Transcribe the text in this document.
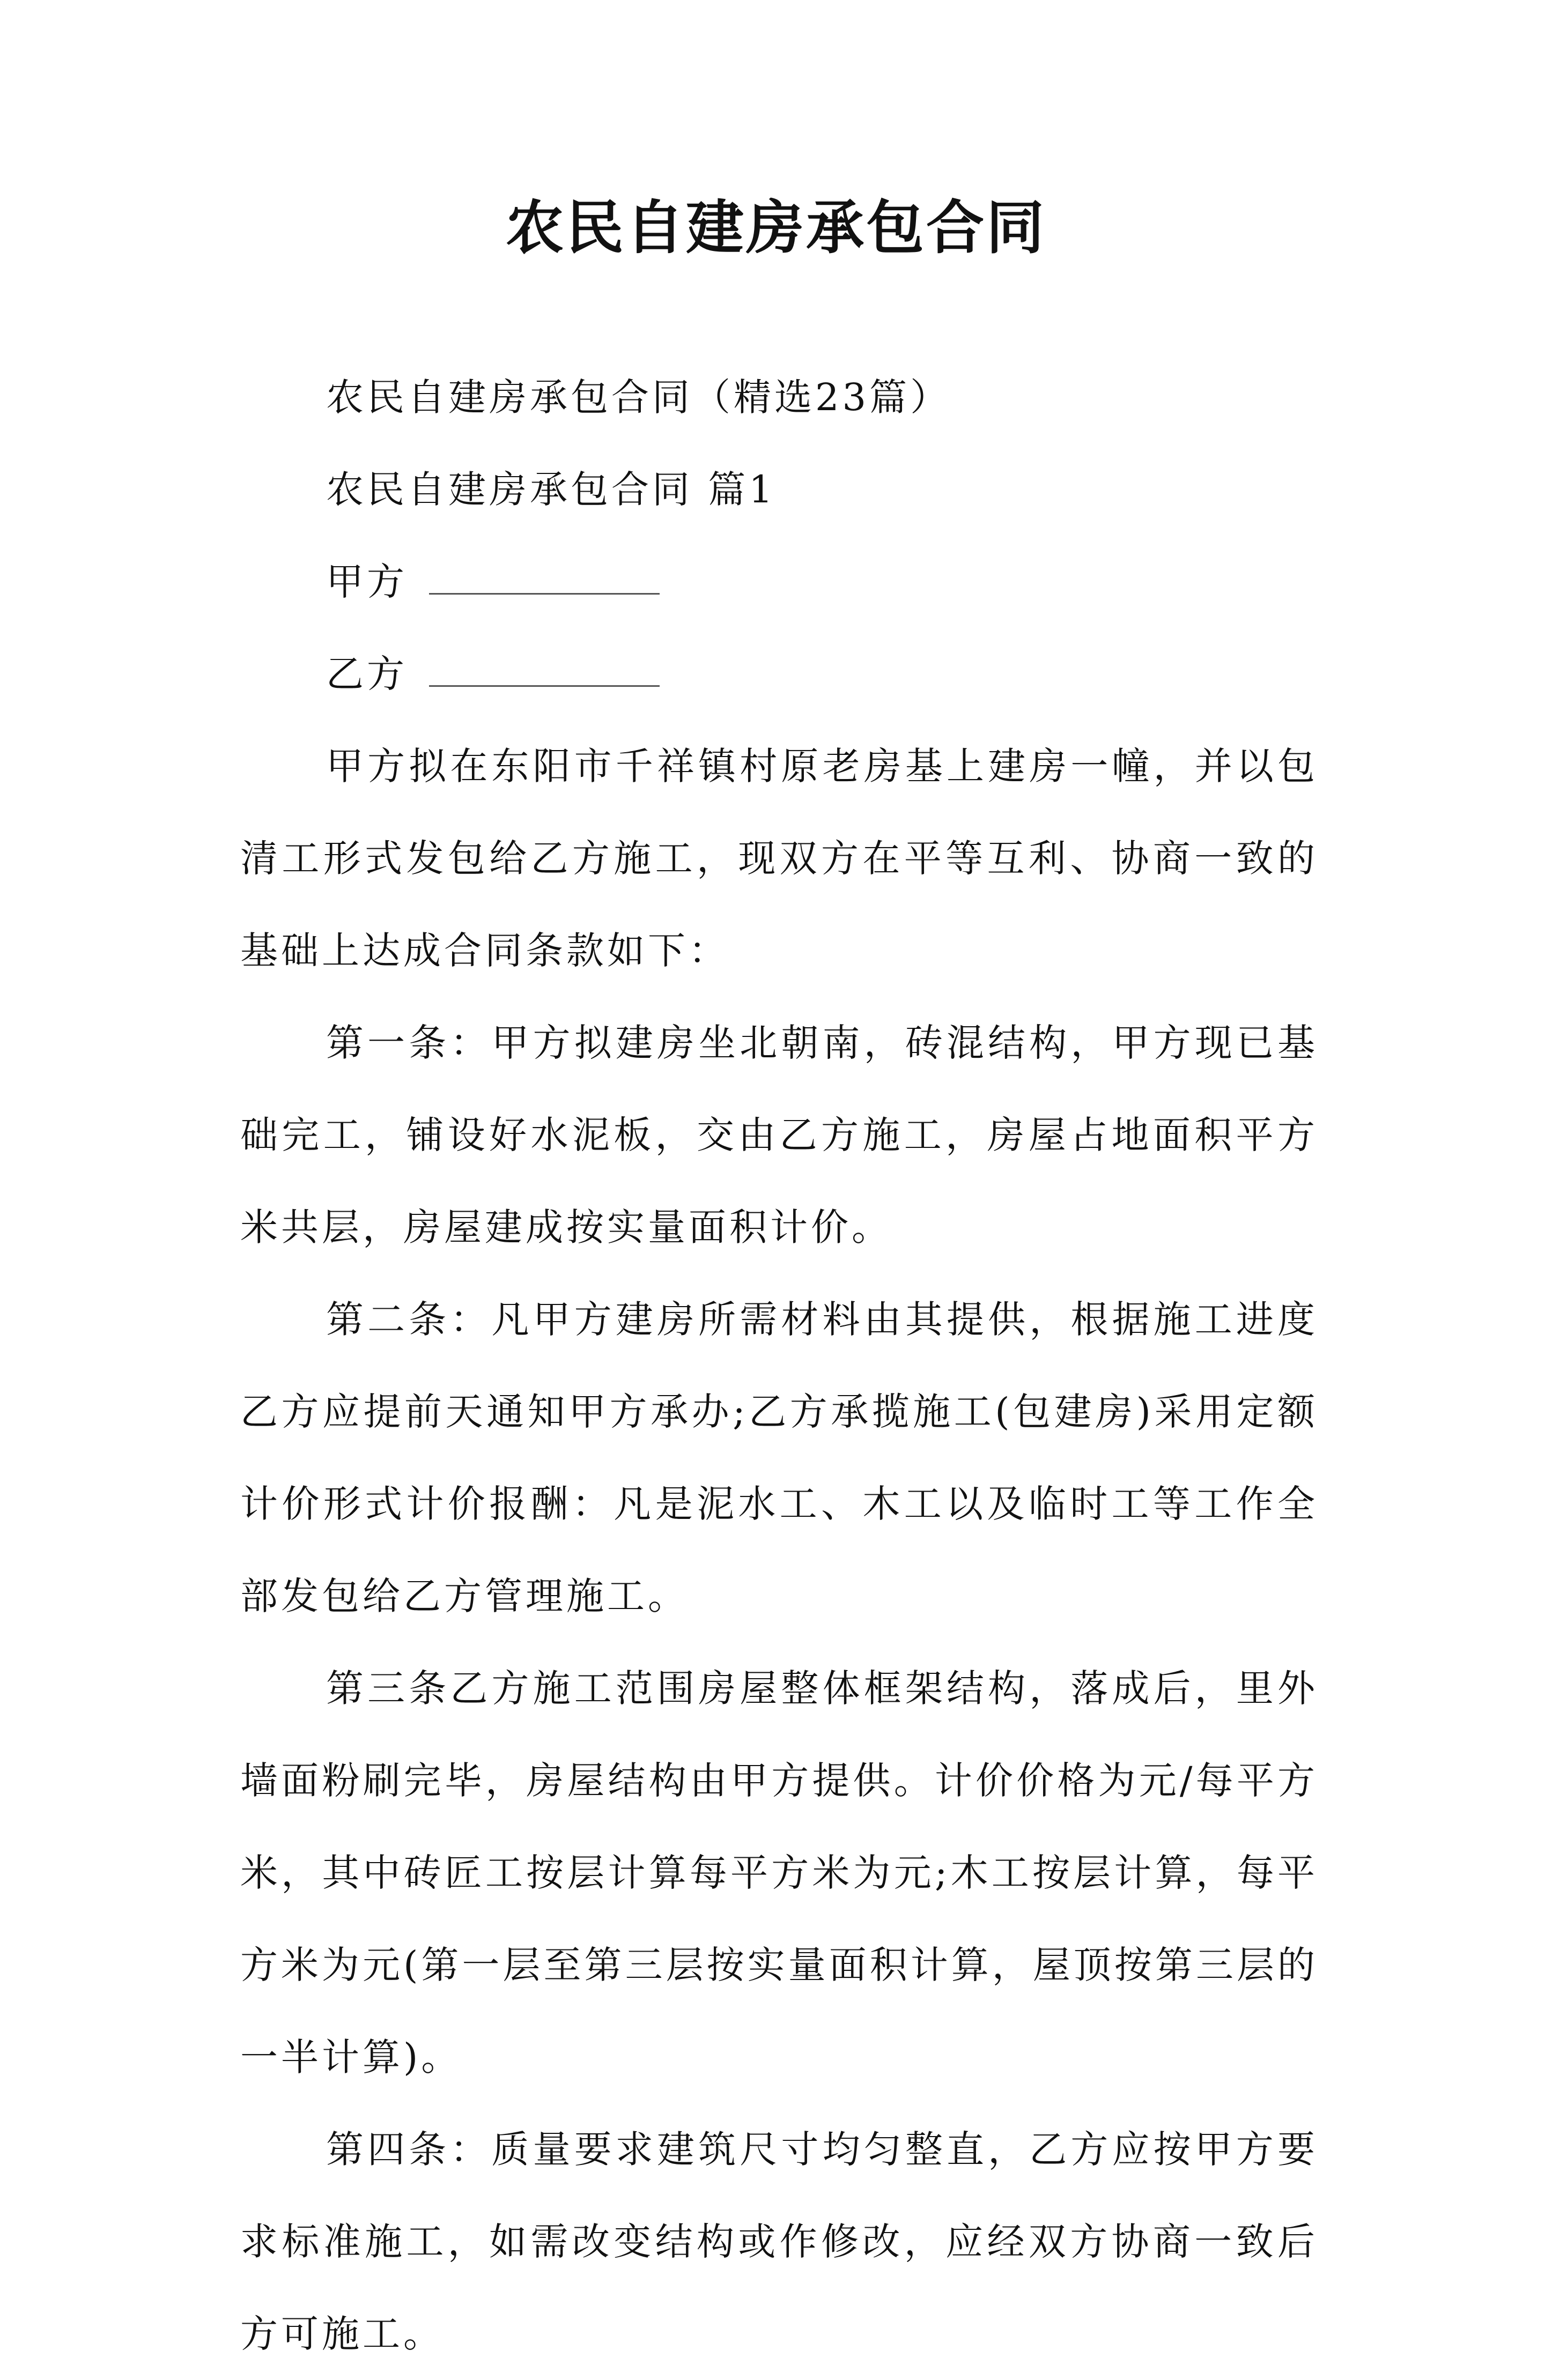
农民自建房承包合同

农民自建房承包合同（精选23篇）

农民自建房承包合同 篇1

甲方

乙方

甲方拟在东阳市千祥镇村原老房基上建房一幢，并以包清工形式发包给乙方施工，现双方在平等互利、协商一致的基础上达成合同条款如下：

第一条：甲方拟建房坐北朝南，砖混结构，甲方现已基础完工，铺设好水泥板，交由乙方施工，房屋占地面积平方米共层，房屋建成按实量面积计价。

第二条：凡甲方建房所需材料由其提供，根据施工进度乙方应提前天通知甲方承办;乙方承揽施工(包建房)采用定额计价形式计价报酬：凡是泥水工、木工以及临时工等工作全部发包给乙方管理施工。

第三条乙方施工范围房屋整体框架结构，落成后，里外墙面粉刷完毕，房屋结构由甲方提供。计价价格为元/每平方米，其中砖匠工按层计算每平方米为元;木工按层计算，每平方米为元(第一层至第三层按实量面积计算，屋顶按第三层的一半计算)。

第四条：质量要求建筑尺寸均匀整直，乙方应按甲方要求标准施工，如需改变结构或作修改，应经双方协商一致后方可施工。
